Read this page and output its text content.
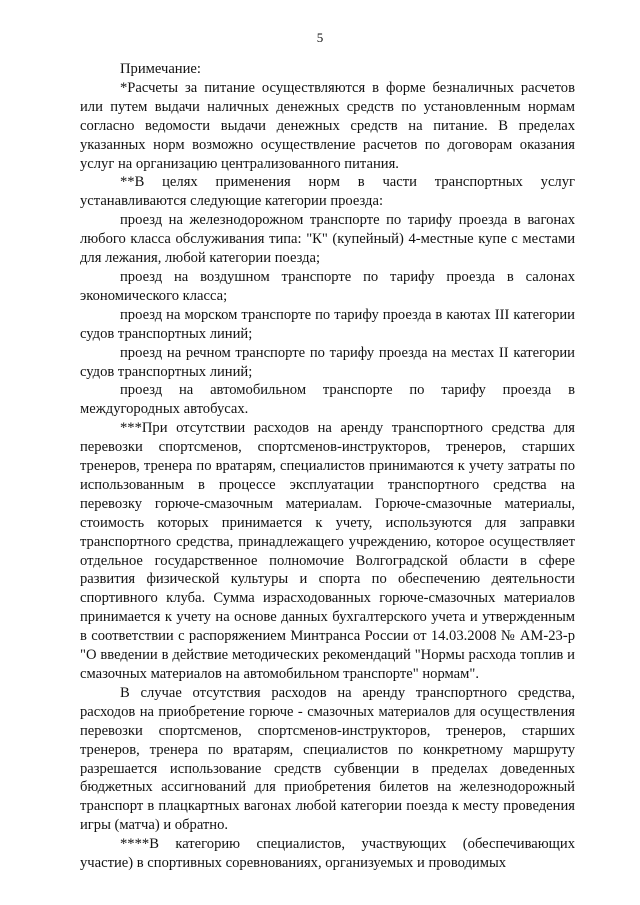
5

Примечание:

*Расчеты за питание осуществляются в форме безналичных расчетов или путем выдачи наличных денежных средств по установленным нормам согласно ведомости выдачи денежных средств на питание. В пределах указанных норм возможно осуществление расчетов по договорам оказания услуг на организацию централизованного питания.

**В целях применения норм в части транспортных услуг устанавливаются следующие категории проезда:

проезд на железнодорожном транспорте по тарифу проезда в вагонах любого класса обслуживания типа: "К" (купейный) 4-местные купе с местами для лежания, любой категории поезда;

проезд на воздушном транспорте по тарифу проезда в салонах экономического класса;

проезд на морском транспорте по тарифу проезда в каютах III категории судов транспортных линий;

проезд на речном транспорте по тарифу проезда на местах II категории судов транспортных линий;

проезд на автомобильном транспорте по тарифу проезда в междугородных автобусах.

***При отсутствии расходов на аренду транспортного средства для перевозки спортсменов, спортсменов-инструкторов, тренеров, старших тренеров, тренера по вратарям, специалистов принимаются к учету затраты по использованным в процессе эксплуатации транспортного средства на перевозку горюче-смазочным материалам. Горюче-смазочные материалы, стоимость которых принимается к учету, используются для заправки транспортного средства, принадлежащего учреждению, которое осуществляет отдельное государственное полномочие Волгоградской области в сфере развития физической культуры и спорта по обеспечению деятельности спортивного клуба. Сумма израсходованных горюче-смазочных материалов принимается к учету на основе данных бухгалтерского учета и утвержденным в соответствии с распоряжением Минтранса России от 14.03.2008 № АМ-23-р "О введении в действие методических рекомендаций "Нормы расхода топлив и смазочных материалов на автомобильном транспорте" нормам".

В случае отсутствия расходов на аренду транспортного средства, расходов на приобретение горюче - смазочных материалов для осуществления перевозки спортсменов, спортсменов-инструкторов, тренеров, старших тренеров, тренера по вратарям, специалистов по конкретному маршруту разрешается использование средств субвенции в пределах доведенных бюджетных ассигнований для приобретения билетов на железнодорожный транспорт в плацкартных вагонах любой категории поезда к месту проведения игры (матча) и обратно.

****В категорию специалистов, участвующих (обеспечивающих участие) в спортивных соревнованиях, организуемых и проводимых
